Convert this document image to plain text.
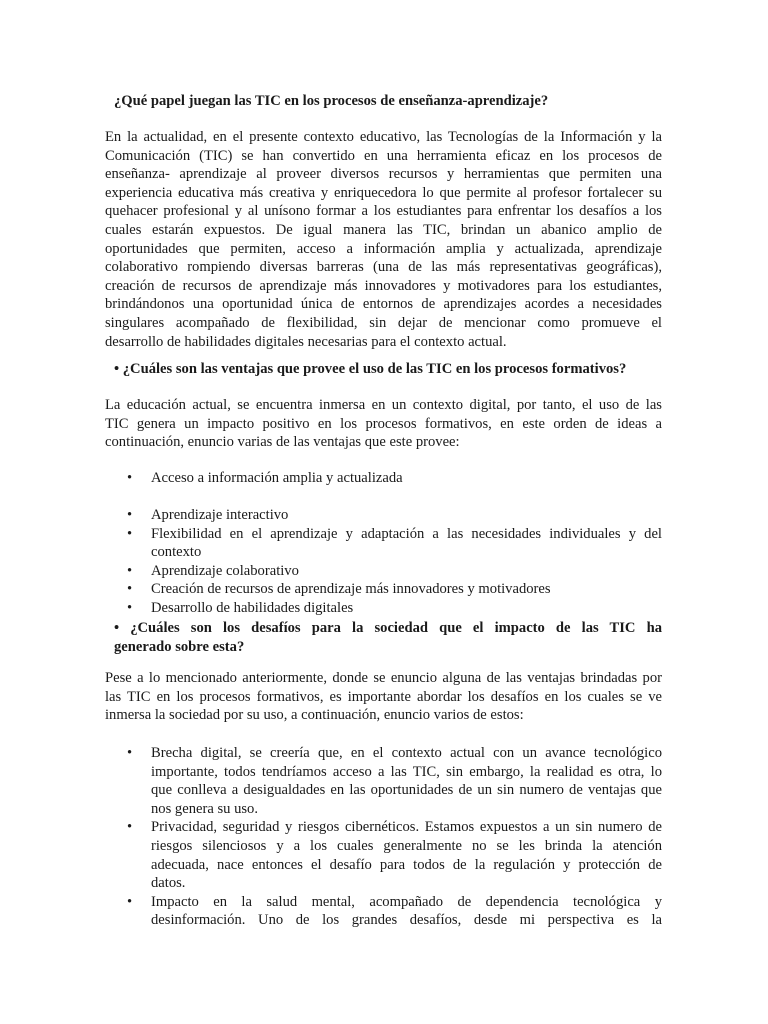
¿Qué papel juegan las TIC en los procesos de enseñanza-aprendizaje?
En la actualidad, en el presente contexto educativo, las Tecnologías de la Información y la
Comunicación (TIC) se han convertido en una herramienta eficaz en los procesos de
enseñanza- aprendizaje al proveer diversos recursos y herramientas que permiten una
experiencia educativa más creativa y enriquecedora lo que permite al profesor fortalecer su
quehacer profesional y al unísono formar a los estudiantes para enfrentar los desafíos a los
cuales estarán expuestos. De igual manera las TIC, brindan un abanico amplio de
oportunidades que permiten, acceso a información amplia y actualizada, aprendizaje
colaborativo rompiendo diversas barreras (una de las más representativas geográficas),
creación de recursos de aprendizaje más innovadores y motivadores para los estudiantes,
brindándonos una oportunidad única de entornos de aprendizajes acordes a necesidades
singulares acompañado de flexibilidad, sin dejar de mencionar como promueve el
desarrollo de habilidades digitales necesarias para el contexto actual.
• ¿Cuáles son las ventajas que provee el uso de las TIC en los procesos formativos?
La educación actual, se encuentra inmersa en un contexto digital, por tanto, el uso de las
TIC genera un impacto positivo en los procesos formativos, en este orden de ideas a
continuación, enuncio varias de las ventajas que este provee:
• Acceso a información amplia y actualizada
• Aprendizaje interactivo
• Flexibilidad en el aprendizaje y adaptación a las necesidades individuales y del
contexto
• Aprendizaje colaborativo
• Creación de recursos de aprendizaje más innovadores y motivadores
• Desarrollo de habilidades digitales
• ¿Cuáles son los desafíos para la sociedad que el impacto de las TIC ha
generado sobre esta?
Pese a lo mencionado anteriormente, donde se enuncio alguna de las ventajas brindadas por
las TIC en los procesos formativos, es importante abordar los desafíos en los cuales se ve
inmersa la sociedad por su uso, a continuación, enuncio varios de estos:
• Brecha digital, se creería que, en el contexto actual con un avance tecnológico
importante, todos tendríamos acceso a las TIC, sin embargo, la realidad es otra, lo
que conlleva a desigualdades en las oportunidades de un sin numero de ventajas que
nos genera su uso.
• Privacidad, seguridad y riesgos cibernéticos. Estamos expuestos a un sin numero de
riesgos silenciosos y a los cuales generalmente no se les brinda la atención
adecuada, nace entonces el desafío para todos de la regulación y protección de
datos.
• Impacto en la salud mental, acompañado de dependencia tecnológica y
desinformación. Uno de los grandes desafíos, desde mi perspectiva es la
